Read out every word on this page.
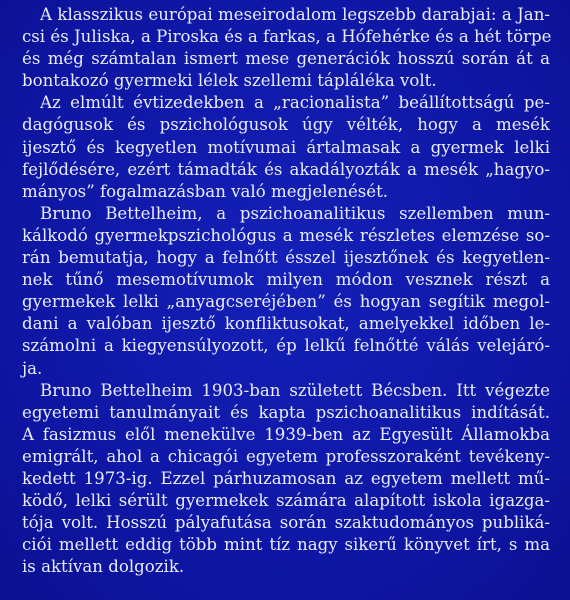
A klasszikus európai meseirodalom legszebb darabjai: a Jan-
csi és Juliska, a Piroska és a farkas, a Hófehérke és a hét törpe
és még számtalan ismert mese generációk hosszú során át a
bontakozó gyermeki lélek szellemi tápláléka volt.
Az elmúlt évtizedekben a „racionalista” beállítottságú pe-
dagógusok és pszichológusok úgy vélték, hogy a mesék
ijesztő és kegyetlen motívumai ártalmasak a gyermek lelki
fejlődésére, ezért támadták és akadályozták a mesék „hagyo-
mányos” fogalmazásban való megjelenését.
Bruno Bettelheim, a pszichoanalitikus szellemben mun-
kálkodó gyermekpszichológus a mesék részletes elemzése so-
rán bemutatja, hogy a felnőtt ésszel ijesztőnek és kegyetlen-
nek tűnő mesemotívumok milyen módon vesznek részt a
gyermekek lelki „anyagcseréjében” és hogyan segítik megol-
dani a valóban ijesztő konfliktusokat, amelyekkel időben le-
számolni a kiegyensúlyozott, ép lelkű felnőtté válás velejáró-
ja.
Bruno Bettelheim 1903-ban született Bécsben. Itt végezte
egyetemi tanulmányait és kapta pszichoanalitikus indítását.
A fasizmus elől menekülve 1939-ben az Egyesült Államokba
emigrált, ahol a chicagói egyetem professzoraként tevékeny-
kedett 1973-ig. Ezzel párhuzamosan az egyetem mellett mű-
ködő, lelki sérült gyermekek számára alapított iskola igazga-
tója volt. Hosszú pályafutása során szaktudományos publiká-
ciói mellett eddig több mint tíz nagy sikerű könyvet írt, s ma
is aktívan dolgozik.
